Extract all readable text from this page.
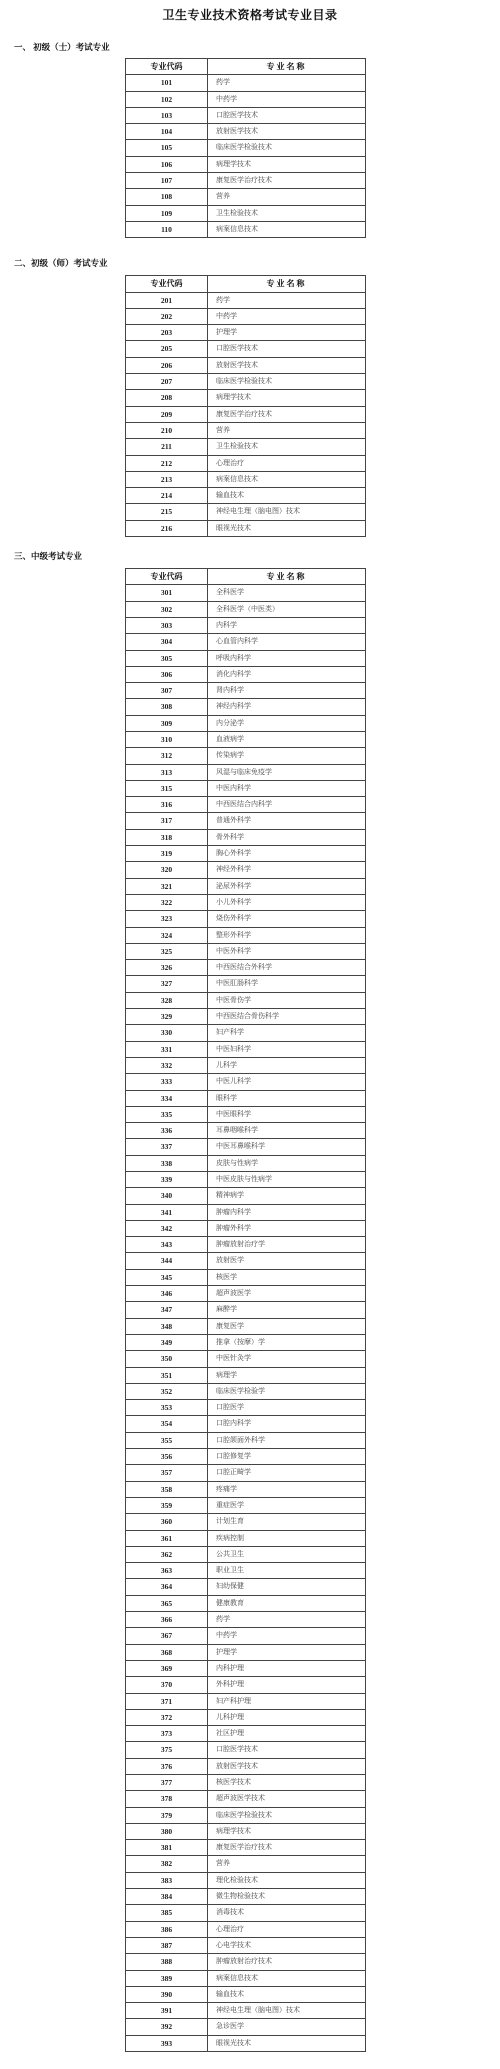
卫生专业技术资格考试专业目录
一、 初级（士）考试专业
专业代码	专业名称
101	药学
102	中药学
103	口腔医学技术
104	放射医学技术
105	临床医学检验技术
106	病理学技术
107	康复医学治疗技术
108	营养
109	卫生检验技术
110	病案信息技术
二、初级（师）考试专业
专业代码	专业名称
201	药学
202	中药学
203	护理学
205	口腔医学技术
206	放射医学技术
207	临床医学检验技术
208	病理学技术
209	康复医学治疗技术
210	营养
211	卫生检验技术
212	心理治疗
213	病案信息技术
214	输血技术
215	神经电生理（脑电图）技术
216	眼视光技术
三、中级考试专业
专业代码	专业名称
301	全科医学
302	全科医学（中医类）
303	内科学
304	心血管内科学
305	呼吸内科学
306	消化内科学
307	肾内科学
308	神经内科学
309	内分泌学
310	血液病学
312	传染病学
313	风湿与临床免疫学
315	中医内科学
316	中西医结合内科学
317	普通外科学
318	骨外科学
319	胸心外科学
320	神经外科学
321	泌尿外科学
322	小儿外科学
323	烧伤外科学
324	整形外科学
325	中医外科学
326	中西医结合外科学
327	中医肛肠科学
328	中医骨伤学
329	中西医结合骨伤科学
330	妇产科学
331	中医妇科学
332	儿科学
333	中医儿科学
334	眼科学
335	中医眼科学
336	耳鼻咽喉科学
337	中医耳鼻喉科学
338	皮肤与性病学
339	中医皮肤与性病学
340	精神病学
341	肿瘤内科学
342	肿瘤外科学
343	肿瘤放射治疗学
344	放射医学
345	核医学
346	超声波医学
347	麻醉学
348	康复医学
349	推拿（按摩）学
350	中医针灸学
351	病理学
352	临床医学检验学
353	口腔医学
354	口腔内科学
355	口腔颌面外科学
356	口腔修复学
357	口腔正畸学
358	疼痛学
359	重症医学
360	计划生育
361	疾病控制
362	公共卫生
363	职业卫生
364	妇幼保健
365	健康教育
366	药学
367	中药学
368	护理学
369	内科护理
370	外科护理
371	妇产科护理
372	儿科护理
373	社区护理
375	口腔医学技术
376	放射医学技术
377	核医学技术
378	超声波医学技术
379	临床医学检验技术
380	病理学技术
381	康复医学治疗技术
382	营养
383	理化检验技术
384	微生物检验技术
385	消毒技术
386	心理治疗
387	心电学技术
388	肿瘤放射治疗技术
389	病案信息技术
390	输血技术
391	神经电生理（脑电图）技术
392	急诊医学
393	眼视光技术
